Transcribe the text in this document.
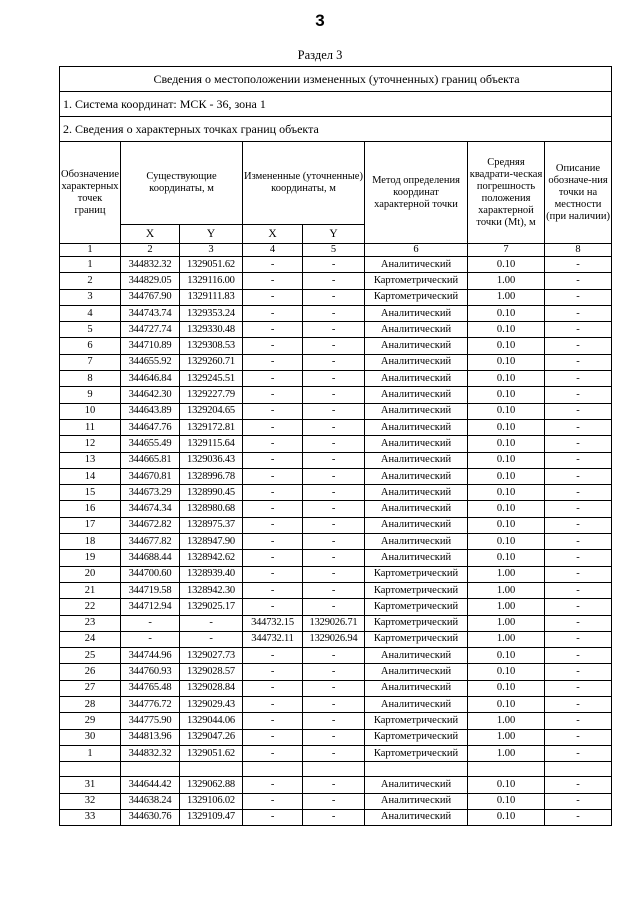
3
Раздел 3
Сведения о местоположении измененных (уточненных) границ объекта							
1. Система координат: МСК - 36, зона 1							
2. Сведения о характерных точках границ объекта							
Обозначение характерных точек границ	Существующие координаты, м		Измененные (уточненные) координаты, м		Метод определения координат характерной точки	Средняя квадрати-ческая погрешность положения характерной точки (Mt), м	Описание обозначе-ния точки на местности (при наличии)
	X	Y	X	Y			
1	2	3	4	5	6	7	8
1	344832.32	1329051.62	-	-	Аналитический	0.10	-
2	344829.05	1329116.00	-	-	Картометрический	1.00	-
3	344767.90	1329111.83	-	-	Картометрический	1.00	-
4	344743.74	1329353.24	-	-	Аналитический	0.10	-
5	344727.74	1329330.48	-	-	Аналитический	0.10	-
6	344710.89	1329308.53	-	-	Аналитический	0.10	-
7	344655.92	1329260.71	-	-	Аналитический	0.10	-
8	344646.84	1329245.51	-	-	Аналитический	0.10	-
9	344642.30	1329227.79	-	-	Аналитический	0.10	-
10	344643.89	1329204.65	-	-	Аналитический	0.10	-
11	344647.76	1329172.81	-	-	Аналитический	0.10	-
12	344655.49	1329115.64	-	-	Аналитический	0.10	-
13	344665.81	1329036.43	-	-	Аналитический	0.10	-
14	344670.81	1328996.78	-	-	Аналитический	0.10	-
15	344673.29	1328990.45	-	-	Аналитический	0.10	-
16	344674.34	1328980.68	-	-	Аналитический	0.10	-
17	344672.82	1328975.37	-	-	Аналитический	0.10	-
18	344677.82	1328947.90	-	-	Аналитический	0.10	-
19	344688.44	1328942.62	-	-	Аналитический	0.10	-
20	344700.60	1328939.40	-	-	Картометрический	1.00	-
21	344719.58	1328942.30	-	-	Картометрический	1.00	-
22	344712.94	1329025.17	-	-	Картометрический	1.00	-
23	-	-	344732.15	1329026.71	Картометрический	1.00	-
24	-	-	344732.11	1329026.94	Картометрический	1.00	-
25	344744.96	1329027.73	-	-	Аналитический	0.10	-
26	344760.93	1329028.57	-	-	Аналитический	0.10	-
27	344765.48	1329028.84	-	-	Аналитический	0.10	-
28	344776.72	1329029.43	-	-	Аналитический	0.10	-
29	344775.90	1329044.06	-	-	Картометрический	1.00	-
30	344813.96	1329047.26	-	-	Картометрический	1.00	-
1	344832.32	1329051.62	-	-	Картометрический	1.00	-

31	344644.42	1329062.88	-	-	Аналитический	0.10	-
32	344638.24	1329106.02	-	-	Аналитический	0.10	-
33	344630.76	1329109.47	-	-	Аналитический	0.10	-
